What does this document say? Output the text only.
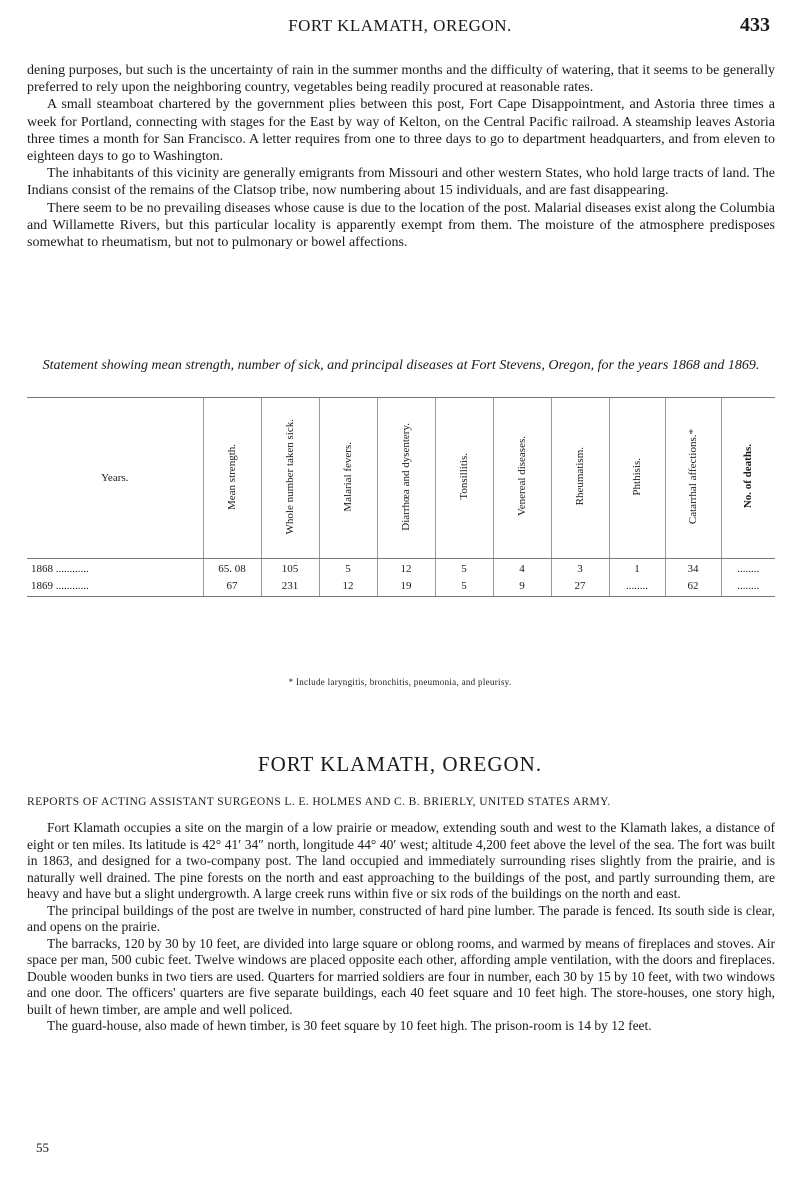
FORT KLAMATH, OREGON.	433

dening purposes, but such is the uncertainty of rain in the summer months and the difficulty of watering, that it seems to be generally preferred to rely upon the neighboring country, vegetables being readily procured at reasonable rates.

A small steamboat chartered by the government plies between this post, Fort Cape Disappointment, and Astoria three times a week for Portland, connecting with stages for the East by way of Kelton, on the Central Pacific railroad. A steamship leaves Astoria three times a month for San Francisco. A letter requires from one to three days to go to department headquarters, and from eleven to eighteen days to go to Washington.

The inhabitants of this vicinity are generally emigrants from Missouri and other western States, who hold large tracts of land. The Indians consist of the remains of the Clatsop tribe, now numbering about 15 individuals, and are fast disappearing.

There seem to be no prevailing diseases whose cause is due to the location of the post. Malarial diseases exist along the Columbia and Willamette Rivers, but this particular locality is apparently exempt from them. The moisture of the atmosphere predisposes somewhat to rheumatism, but not to pulmonary or bowel affections.

Statement showing mean strength, number of sick, and principal diseases at Fort Stevens, Oregon, for the years 1868 and 1869.
Years.	Mean strength.	Whole number taken sick.	Malarial fevers.	Diarrhœa and dysentery.	Tonsillitis.	Venereal diseases.	Rheumatism.	Phthisis.	Catarrhal affections.*	No. of deaths.
1868 .....	65. 08	105	5	12	5	4	3	1	34	........
1869 .....	67	231	12	19	5	9	27	........	62	........
* Include laryngitis, bronchitis, pneumonia, and pleurisy.
FORT KLAMATH, OREGON.
REPORTS OF ACTING ASSISTANT SURGEONS L. E. HOLMES AND C. B. BRIERLY, UNITED STATES ARMY.

Fort Klamath occupies a site on the margin of a low prairie or meadow, extending south and west to the Klamath lakes, a distance of eight or ten miles. Its latitude is 42° 41′ 34″ north, longitude 44° 40′ west; altitude 4,200 feet above the level of the sea. The fort was built in 1863, and designed for a two-company post. The land occupied and immediately surrounding rises slightly from the prairie, and is naturally well drained. The pine forests on the north and east approaching to the buildings of the post, and partly surrounding them, are heavy and have but a slight undergrowth. A large creek runs within five or six rods of the buildings on the north and east.

The principal buildings of the post are twelve in number, constructed of hard pine lumber. The parade is fenced. Its south side is clear, and opens on the prairie.

The barracks, 120 by 30 by 10 feet, are divided into large square or oblong rooms, and warmed by means of fireplaces and stoves. Air space per man, 500 cubic feet. Twelve windows are placed opposite each other, affording ample ventilation, with the doors and fireplaces. Double wooden bunks in two tiers are used. Quarters for married soldiers are four in number, each 30 by 15 by 10 feet, with two windows and one door. The officers' quarters are five separate buildings, each 40 feet square and 10 feet high. The store-houses, one story high, built of hewn timber, are ample and well policed.

The guard-house, also made of hewn timber, is 30 feet square by 10 feet high. The prison-room is 14 by 12 feet.

55
